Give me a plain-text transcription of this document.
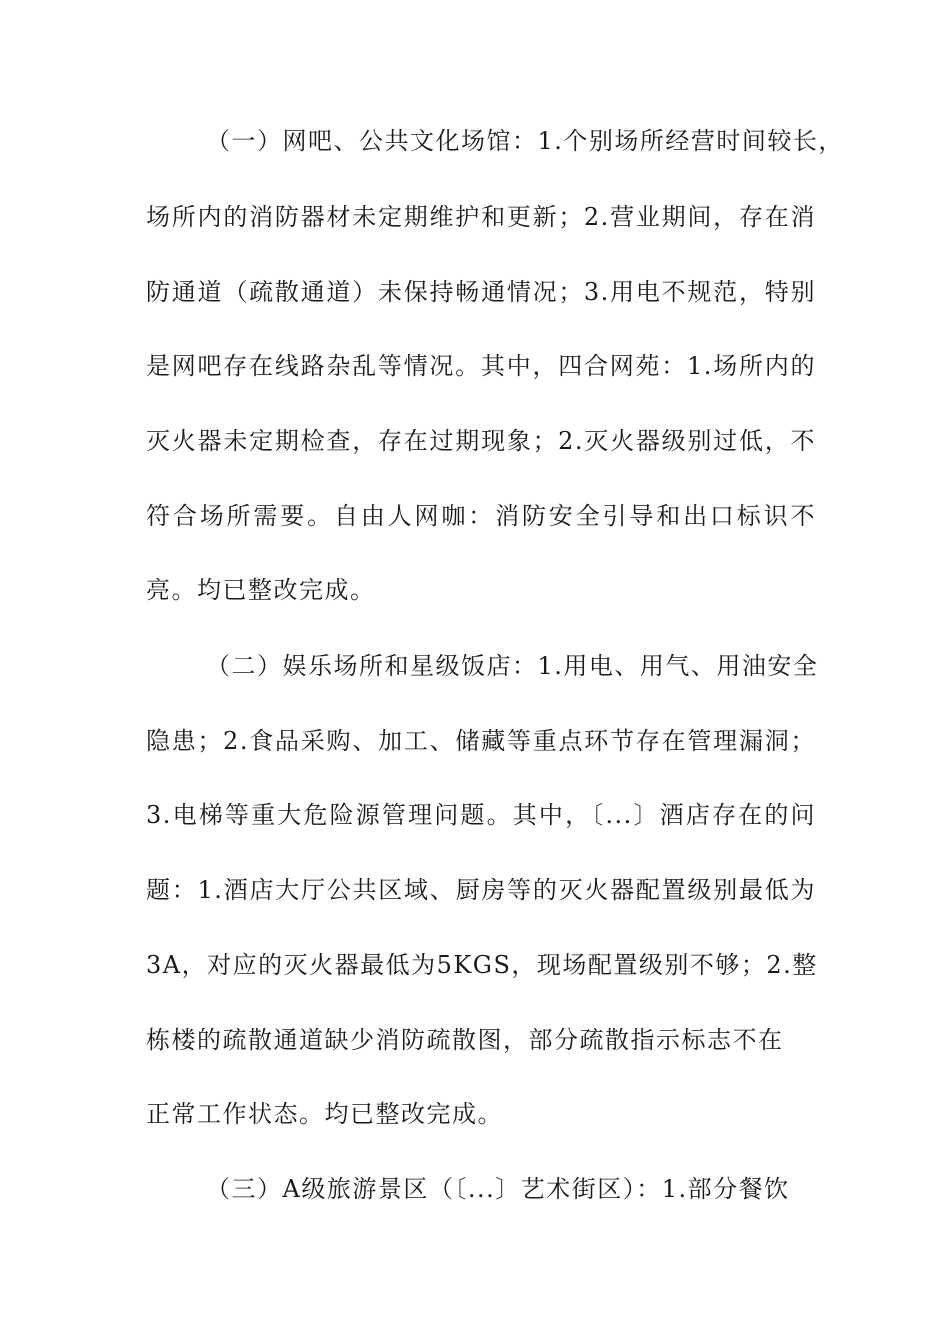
（一）网吧、公共文化场馆：1.个别场所经营时间较长，
场所内的消防器材未定期维护和更新；2.营业期间，存在消
防通道（疏散通道）未保持畅通情况；3.用电不规范，特别
是网吧存在线路杂乱等情况。其中，四合网苑：1.场所内的
灭火器未定期检查，存在过期现象；2.灭火器级别过低，不
符合场所需要。自由人网咖：消防安全引导和出口标识不
亮。均已整改完成。
（二）娱乐场所和星级饭店：1.用电、用气、用油安全
隐患；2.食品采购、加工、储藏等重点环节存在管理漏洞；
3.电梯等重大危险源管理问题。其中，〔...〕酒店存在的问
题：1.酒店大厅公共区域、厨房等的灭火器配置级别最低为
3A，对应的灭火器最低为5KGS，现场配置级别不够；2.整
栋楼的疏散通道缺少消防疏散图，部分疏散指示标志不在
正常工作状态。均已整改完成。
（三）A级旅游景区（〔...〕艺术街区）：1.部分餐饮
